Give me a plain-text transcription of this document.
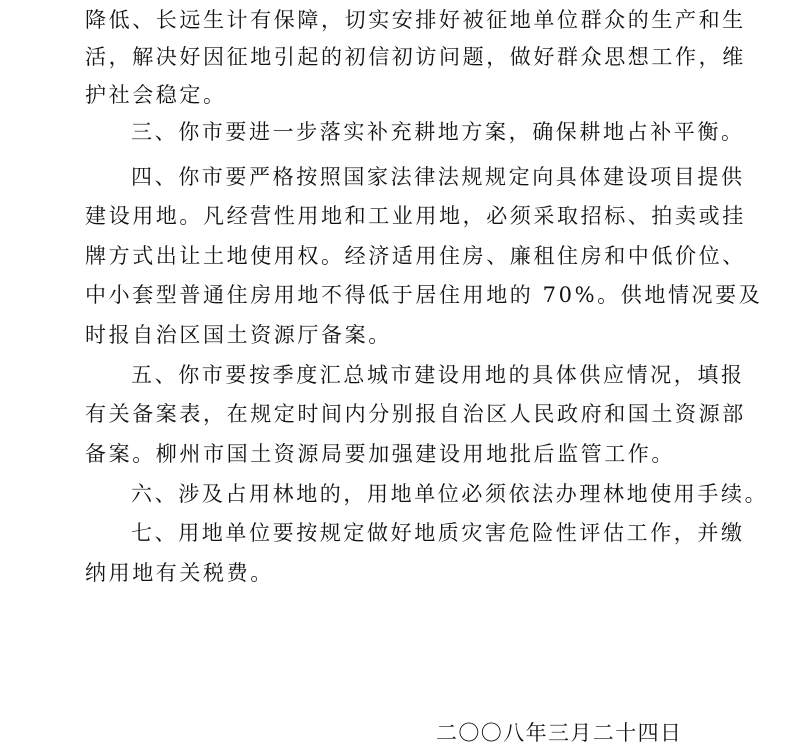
降低、长远生计有保障，切实安排好被征地单位群众的生产和生
活，解决好因征地引起的初信初访问题，做好群众思想工作，维
护社会稳定。
三、你市要进一步落实补充耕地方案，确保耕地占补平衡。
四、你市要严格按照国家法律法规规定向具体建设项目提供
建设用地。凡经营性用地和工业用地，必须采取招标、拍卖或挂
牌方式出让土地使用权。经济适用住房、廉租住房和中低价位、
中小套型普通住房用地不得低于居住用地的 70%。供地情况要及
时报自治区国土资源厅备案。
五、你市要按季度汇总城市建设用地的具体供应情况，填报
有关备案表，在规定时间内分别报自治区人民政府和国土资源部
备案。柳州市国土资源局要加强建设用地批后监管工作。
六、涉及占用林地的，用地单位必须依法办理林地使用手续。
七、用地单位要按规定做好地质灾害危险性评估工作，并缴
纳用地有关税费。
二〇〇八年三月二十四日
